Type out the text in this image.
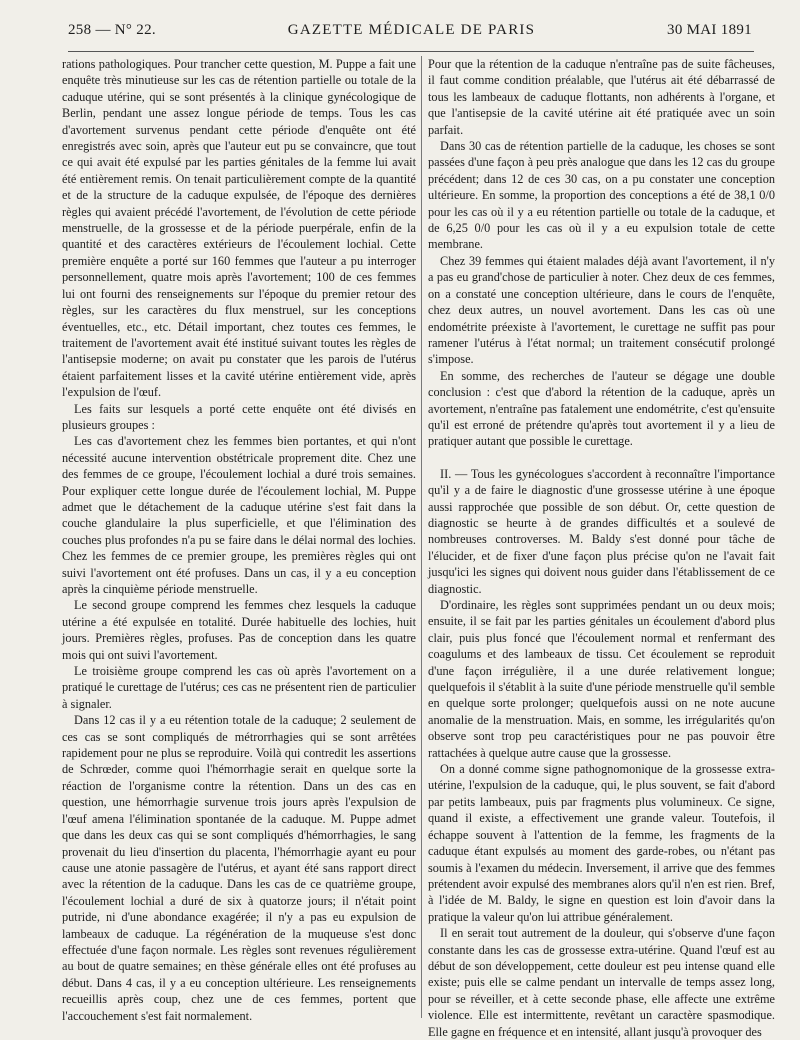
258 — N° 22.	GAZETTE MÉDICALE DE PARIS	30 MAI 1891

rations pathologiques. Pour trancher cette question, M. Puppe a fait une enquête très minutieuse sur les cas de rétention partielle ou totale de la caduque utérine, qui se sont présentés à la clinique gynécologique de Berlin, pendant une assez longue période de temps. Tous les cas d'avortement survenus pendant cette période d'enquête ont été enregistrés avec soin, après que l'auteur eut pu se convaincre, que tout ce qui avait été expulsé par les parties génitales de la femme lui avait été entièrement remis. On tenait particulièrement compte de la quantité et de la structure de la caduque expulsée, de l'époque des dernières règles qui avaient précédé l'avortement, de l'évolution de cette période menstruelle, de la grossesse et de la période puerpérale, enfin de la quantité et des caractères extérieurs de l'écoulement lochial. Cette première enquête a porté sur 160 femmes que l'auteur a pu interroger personnellement, quatre mois après l'avortement; 100 de ces femmes lui ont fourni des renseignements sur l'époque du premier retour des règles, sur les caractères du flux menstruel, sur les conceptions éventuelles, etc., etc. Détail important, chez toutes ces femmes, le traitement de l'avortement avait été institué suivant toutes les règles de l'antisepsie moderne; on avait pu constater que les parois de l'utérus étaient parfaitement lisses et la cavité utérine entièrement vide, après l'expulsion de l'œuf.

Les faits sur lesquels a porté cette enquête ont été divisés en plusieurs groupes :

Les cas d'avortement chez les femmes bien portantes, et qui n'ont nécessité aucune intervention obstétricale proprement dite. Chez une des femmes de ce groupe, l'écoulement lochial a duré trois semaines. Pour expliquer cette longue durée de l'écoulement lochial, M. Puppe admet que le détachement de la caduque utérine s'est fait dans la couche glandulaire la plus superficielle, et que l'élimination des couches plus profondes n'a pu se faire dans le délai normal des lochies. Chez les femmes de ce premier groupe, les premières règles qui ont suivi l'avortement ont été profuses. Dans un cas, il y a eu conception après la cinquième période menstruelle.

Le second groupe comprend les femmes chez lesquels la caduque utérine a été expulsée en totalité. Durée habituelle des lochies, huit jours. Premières règles, profuses. Pas de conception dans les quatre mois qui ont suivi l'avortement.

Le troisième groupe comprend les cas où après l'avortement on a pratiqué le curettage de l'utérus; ces cas ne présentent rien de particulier à signaler.

Dans 12 cas il y a eu rétention totale de la caduque; 2 seulement de ces cas se sont compliqués de métrorrhagies qui se sont arrêtées rapidement pour ne plus se reproduire. Voilà qui contredit les assertions de Schrœder, comme quoi l'hémorrhagie serait en quelque sorte la réaction de l'organisme contre la rétention. Dans un des cas en question, une hémorrhagie survenue trois jours après l'expulsion de l'œuf amena l'élimination spontanée de la caduque. M. Puppe admet que dans les deux cas qui se sont compliqués d'hémorrhagies, le sang provenait du lieu d'insertion du placenta, l'hémorrhagie ayant eu pour cause une atonie passagère de l'utérus, et ayant été sans rapport direct avec la rétention de la caduque. Dans les cas de ce quatrième groupe, l'écoulement lochial a duré de six à quatorze jours; il n'était point putride, ni d'une abondance exagérée; il n'y a pas eu expulsion de lambeaux de caduque. La régénération de la muqueuse s'est donc effectuée d'une façon normale. Les règles sont revenues régulièrement au bout de quatre semaines; en thèse générale elles ont été profuses au début. Dans 4 cas, il y a eu conception ultérieure. Les renseignements recueillis après coup, chez une de ces femmes, portent que l'accouchement s'est fait normalement.

Pour que la rétention de la caduque n'entraîne pas de suite fâcheuses, il faut comme condition préalable, que l'utérus ait été débarrassé de tous les lambeaux de caduque flottants, non adhérents à l'organe, et que l'antisepsie de la cavité utérine ait été pratiquée avec un soin parfait.

Dans 30 cas de rétention partielle de la caduque, les choses se sont passées d'une façon à peu près analogue que dans les 12 cas du groupe précédent; dans 12 de ces 30 cas, on a pu constater une conception ultérieure. En somme, la proportion des conceptions a été de 38,1 0/0 pour les cas où il y a eu rétention partielle ou totale de la caduque, et de 6,25 0/0 pour les cas où il y a eu expulsion totale de cette membrane.

Chez 39 femmes qui étaient malades déjà avant l'avortement, il n'y a pas eu grand'chose de particulier à noter. Chez deux de ces femmes, on a constaté une conception ultérieure, dans le cours de l'enquête, chez deux autres, un nouvel avortement. Dans les cas où une endométrite préexiste à l'avortement, le curettage ne suffit pas pour ramener l'utérus à l'état normal; un traitement consécutif prolongé s'impose.

En somme, des recherches de l'auteur se dégage une double conclusion : c'est que d'abord la rétention de la caduque, après un avortement, n'entraîne pas fatalement une endométrite, c'est qu'ensuite qu'il est erroné de prétendre qu'après tout avortement il y a lieu de pratiquer autant que possible le curettage.

II. — Tous les gynécologues s'accordent à reconnaître l'importance qu'il y a de faire le diagnostic d'une grossesse utérine à une époque aussi rapprochée que possible de son début. Or, cette question de diagnostic se heurte à de grandes difficultés et a soulevé de nombreuses controverses. M. Baldy s'est donné pour tâche de l'élucider, et de fixer d'une façon plus précise qu'on ne l'avait fait jusqu'ici les signes qui doivent nous guider dans l'établissement de ce diagnostic.

D'ordinaire, les règles sont supprimées pendant un ou deux mois; ensuite, il se fait par les parties génitales un écoulement d'abord plus clair, puis plus foncé que l'écoulement normal et renfermant des coagulums et des lambeaux de tissu. Cet écoulement se reproduit d'une façon irrégulière, il a une durée relativement longue; quelquefois il s'établit à la suite d'une période menstruelle qu'il semble en quelque sorte prolonger; quelquefois aussi on ne note aucune anomalie de la menstruation. Mais, en somme, les irrégularités qu'on observe sont trop peu caractéristiques pour ne pas pouvoir être rattachées à quelque autre cause que la grossesse.

On a donné comme signe pathognomonique de la grossesse extra-utérine, l'expulsion de la caduque, qui, le plus souvent, se fait d'abord par petits lambeaux, puis par fragments plus volumineux. Ce signe, quand il existe, a effectivement une grande valeur. Toutefois, il échappe souvent à l'attention de la femme, les fragments de la caduque étant expulsés au moment des garde-robes, ou n'étant pas soumis à l'examen du médecin. Inversement, il arrive que des femmes prétendent avoir expulsé des membranes alors qu'il n'en est rien. Bref, à l'idée de M. Baldy, le signe en question est loin d'avoir dans la pratique la valeur qu'on lui attribue généralement.

Il en serait tout autrement de la douleur, qui s'observe d'une façon constante dans les cas de grossesse extra-utérine. Quand l'œuf est au début de son développement, cette douleur est peu intense quand elle existe; puis elle se calme pendant un intervalle de temps assez long, pour se réveiller, et à cette seconde phase, elle affecte une extrême violence. Elle est intermittente, revêtant un caractère spasmodique. Elle gagne en fréquence et en intensité, allant jusqu'à provoquer des
